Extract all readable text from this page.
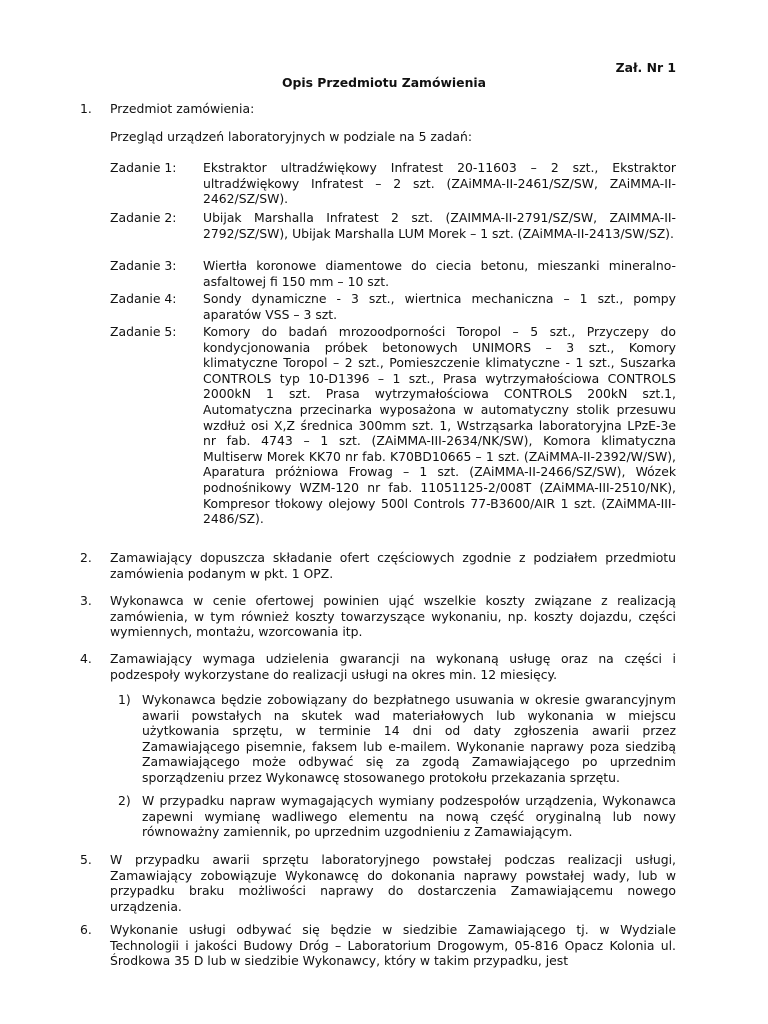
Zał. Nr 1
Opis Przedmiotu Zamówienia
1.	Przedmiot zamówienia:
Przegląd urządzeń laboratoryjnych w podziale na 5 zadań:
Zadanie 1:	Ekstraktor ultradźwiękowy Infratest 20-11603 – 2 szt., Ekstraktor ultradźwiękowy Infratest – 2 szt. (ZAiMMA-II-2461/SZ/SW, ZAiMMA-II-2462/SZ/SW).
Zadanie 2:	Ubijak Marshalla Infratest 2 szt. (ZAIMMA-II-2791/SZ/SW, ZAIMMA-II-2792/SZ/SW), Ubijak Marshalla LUM Morek – 1 szt. (ZAiMMA-II-2413/SW/SZ).
Zadanie 3:	Wiertła koronowe diamentowe do ciecia betonu, mieszanki mineralno-asfaltowej fi 150 mm – 10 szt.
Zadanie 4:	Sondy dynamiczne - 3 szt., wiertnica mechaniczna – 1 szt., pompy aparatów VSS – 3 szt.
Zadanie 5:	Komory do badań mrozoodporności Toropol – 5 szt., Przyczepy do kondycjonowania próbek betonowych UNIMORS – 3 szt., Komory klimatyczne Toropol – 2 szt., Pomieszczenie klimatyczne - 1 szt., Suszarka CONTROLS typ 10-D1396 – 1 szt., Prasa wytrzymałościowa CONTROLS 2000kN 1 szt. Prasa wytrzymałościowa CONTROLS 200kN szt.1, Automatyczna przecinarka wyposażona w automatyczny stolik przesuwu wzdłuż osi X,Z średnica 300mm szt. 1, Wstrząsarka laboratoryjna LPzE-3e nr fab. 4743 – 1 szt. (ZAiMMA-III-2634/NK/SW), Komora klimatyczna Multiserw Morek KK70 nr fab. K70BD10665 – 1 szt. (ZAiMMA-II-2392/W/SW), Aparatura próżniowa Frowag – 1 szt. (ZAiMMA-II-2466/SZ/SW), Wózek podnośnikowy WZM-120 nr fab. 11051125-2/008T (ZAiMMA-III-2510/NK), Kompresor tłokowy olejowy 500l Controls 77-B3600/AIR 1 szt. (ZAiMMA-III-2486/SZ).
2.	Zamawiający dopuszcza składanie ofert częściowych zgodnie z podziałem przedmiotu zamówienia podanym w pkt. 1 OPZ.
3.	Wykonawca w cenie ofertowej powinien ująć wszelkie koszty związane z realizacją zamówienia, w tym również koszty towarzyszące wykonaniu, np. koszty dojazdu, części wymiennych, montażu, wzorcowania itp.
4.	Zamawiający wymaga udzielenia gwarancji na wykonaną usługę oraz na części i podzespoły wykorzystane do realizacji usługi na okres min. 12 miesięcy.
1) Wykonawca będzie zobowiązany do bezpłatnego usuwania w okresie gwarancyjnym awarii powstałych na skutek wad materiałowych lub wykonania w miejscu użytkowania sprzętu, w terminie 14 dni od daty zgłoszenia awarii przez Zamawiającego pisemnie, faksem lub e-mailem. Wykonanie naprawy poza siedzibą Zamawiającego może odbywać się za zgodą Zamawiającego po uprzednim sporządzeniu przez Wykonawcę stosowanego protokołu przekazania sprzętu.
2) W przypadku napraw wymagających wymiany podzespołów urządzenia, Wykonawca zapewni wymianę wadliwego elementu na nową część oryginalną lub nowy równoważny zamiennik, po uprzednim uzgodnieniu z Zamawiającym.
5.	W przypadku awarii sprzętu laboratoryjnego powstałej podczas realizacji usługi, Zamawiający zobowiązuje Wykonawcę do dokonania naprawy powstałej wady, lub w przypadku braku możliwości naprawy do dostarczenia Zamawiającemu nowego urządzenia.
6.	Wykonanie usługi odbywać się będzie w siedzibie Zamawiającego tj. w Wydziale Technologii i jakości Budowy Dróg – Laboratorium Drogowym, 05-816 Opacz Kolonia ul. Środkowa 35 D lub w siedzibie Wykonawcy, który w takim przypadku, jest
